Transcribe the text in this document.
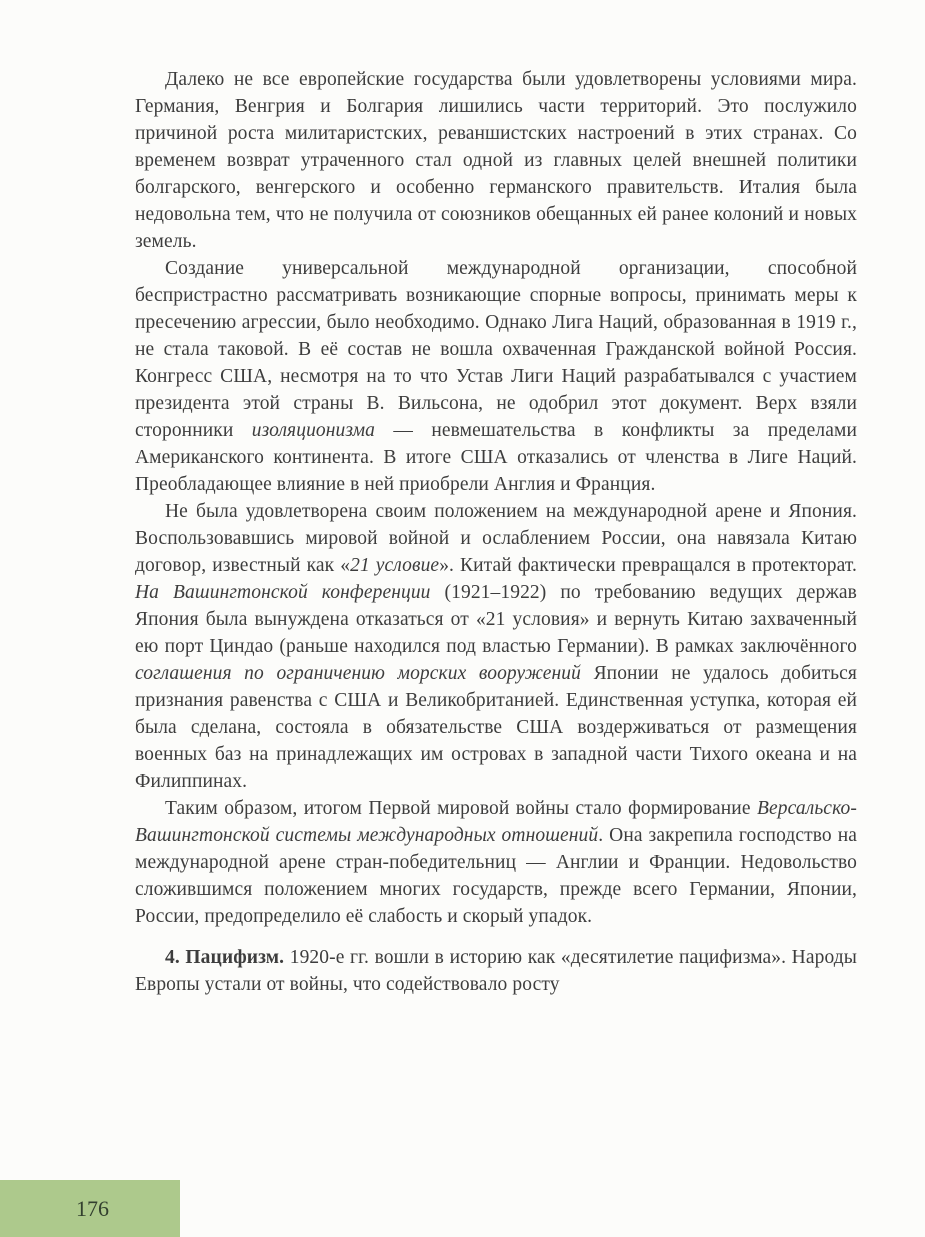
Далеко не все европейские государства были удовлетворены условиями мира. Германия, Венгрия и Болгария лишились части территорий. Это послужило причиной роста милитаристских, реваншистских настроений в этих странах. Со временем возврат утраченного стал одной из главных целей внешней политики болгарского, венгерского и особенно германского правительств. Италия была недовольна тем, что не получила от союзников обещанных ей ранее колоний и новых земель.

Создание универсальной международной организации, способной беспристрастно рассматривать возникающие спорные вопросы, принимать меры к пресечению агрессии, было необходимо. Однако Лига Наций, образованная в 1919 г., не стала таковой. В её состав не вошла охваченная Гражданской войной Россия. Конгресс США, несмотря на то что Устав Лиги Наций разрабатывался с участием президента этой страны В. Вильсона, не одобрил этот документ. Верх взяли сторонники изоляционизма — невмешательства в конфликты за пределами Американского континента. В итоге США отказались от членства в Лиге Наций. Преобладающее влияние в ней приобрели Англия и Франция.

Не была удовлетворена своим положением на международной арене и Япония. Воспользовавшись мировой войной и ослаблением России, она навязала Китаю договор, известный как «21 условие». Китай фактически превращался в протекторат. На Вашингтонской конференции (1921–1922) по требованию ведущих держав Япония была вынуждена отказаться от «21 условия» и вернуть Китаю захваченный ею порт Циндао (раньше находился под властью Германии). В рамках заключённого соглашения по ограничению морских вооружений Японии не удалось добиться признания равенства с США и Великобританией. Единственная уступка, которая ей была сделана, состояла в обязательстве США воздерживаться от размещения военных баз на принадлежащих им островах в западной части Тихого океана и на Филиппинах.

Таким образом, итогом Первой мировой войны стало формирование Версальско-Вашингтонской системы международных отношений. Она закрепила господство на международной арене стран-победительниц — Англии и Франции. Недовольство сложившимся положением многих государств, прежде всего Германии, Японии, России, предопределило её слабость и скорый упадок.

4. Пацифизм. 1920-е гг. вошли в историю как «десятилетие пацифизма». Народы Европы устали от войны, что содействовало росту

176
